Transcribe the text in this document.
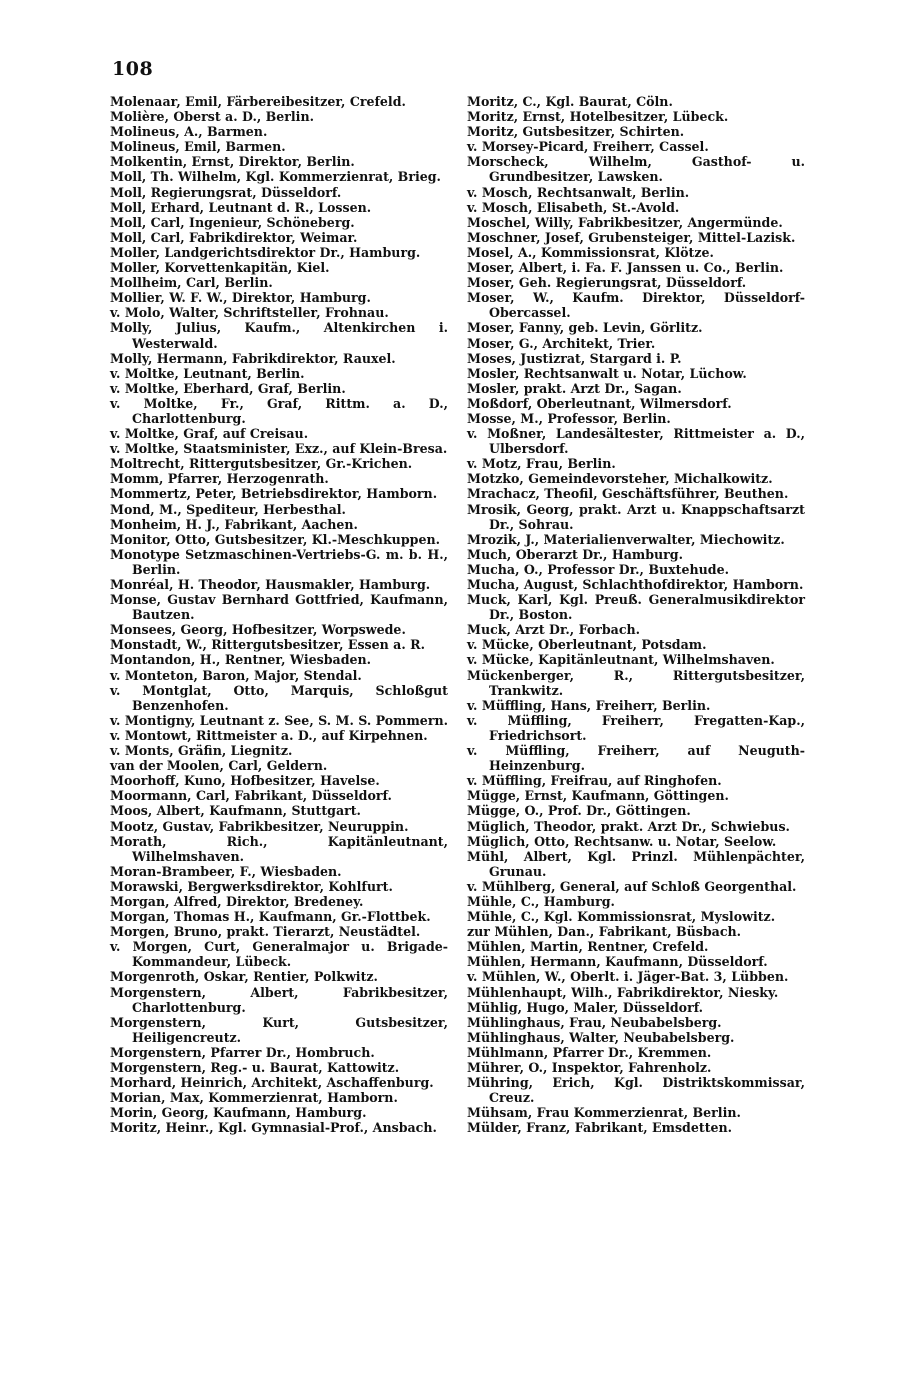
108
Molenaar, Emil, Färbereibesitzer, Crefeld.
Molière, Oberst a. D., Berlin.
Molineus, A., Barmen.
Molineus, Emil, Barmen.
Molkentin, Ernst, Direktor, Berlin.
Moll, Th. Wilhelm, Kgl. Kommerzienrat, Brieg.
Moll, Regierungsrat, Düsseldorf.
Moll, Erhard, Leutnant d. R., Lossen.
Moll, Carl, Ingenieur, Schöneberg.
Moll, Carl, Fabrikdirektor, Weimar.
Moller, Landgerichtsdirektor Dr., Hamburg.
Moller, Korvettenkapitän, Kiel.
Mollheim, Carl, Berlin.
Mollier, W. F. W., Direktor, Hamburg.
v. Molo, Walter, Schriftsteller, Frohnau.
Molly, Julius, Kaufm., Altenkirchen i. Westerwald.
Molly, Hermann, Fabrikdirektor, Rauxel.
v. Moltke, Leutnant, Berlin.
v. Moltke, Eberhard, Graf, Berlin.
v. Moltke, Fr., Graf, Rittm. a. D., Charlottenburg.
v. Moltke, Graf, auf Creisau.
v. Moltke, Staatsminister, Exz., auf Klein-Bresa.
Moltrecht, Rittergutsbesitzer, Gr.-Krichen.
Momm, Pfarrer, Herzogenrath.
Mommertz, Peter, Betriebsdirektor, Hamborn.
Mond, M., Spediteur, Herbesthal.
Monheim, H. J., Fabrikant, Aachen.
Monitor, Otto, Gutsbesitzer, Kl.-Meschkuppen.
Monotype Setzmaschinen-Vertriebs-G. m. b. H., Berlin.
Monréal, H. Theodor, Hausmakler, Hamburg.
Monse, Gustav Bernhard Gottfried, Kaufmann, Bautzen.
Monsees, Georg, Hofbesitzer, Worpswede.
Monstadt, W., Rittergutsbesitzer, Essen a. R.
Montandon, H., Rentner, Wiesbaden.
v. Monteton, Baron, Major, Stendal.
v. Montglat, Otto, Marquis, Schloßgut Benzenhofen.
v. Montigny, Leutnant z. See, S. M. S. Pommern.
v. Montowt, Rittmeister a. D., auf Kirpehnen.
v. Monts, Gräfin, Liegnitz.
van der Moolen, Carl, Geldern.
Moorhoff, Kuno, Hofbesitzer, Havelse.
Moormann, Carl, Fabrikant, Düsseldorf.
Moos, Albert, Kaufmann, Stuttgart.
Mootz, Gustav, Fabrikbesitzer, Neuruppin.
Morath, Rich., Kapitänleutnant, Wilhelmshaven.
Moran-Brambeer, F., Wiesbaden.
Morawski, Bergwerksdirektor, Kohlfurt.
Morgan, Alfred, Direktor, Bredeney.
Morgan, Thomas H., Kaufmann, Gr.-Flottbek.
Morgen, Bruno, prakt. Tierarzt, Neustädtel.
v. Morgen, Curt, Generalmajor u. Brigade-Kommandeur, Lübeck.
Morgenroth, Oskar, Rentier, Polkwitz.
Morgenstern, Albert, Fabrikbesitzer, Charlottenburg.
Morgenstern, Kurt, Gutsbesitzer, Heiligencreutz.
Morgenstern, Pfarrer Dr., Hombruch.
Morgenstern, Reg.- u. Baurat, Kattowitz.
Morhard, Heinrich, Architekt, Aschaffenburg.
Morian, Max, Kommerzienrat, Hamborn.
Morin, Georg, Kaufmann, Hamburg.
Moritz, Heinr., Kgl. Gymnasial-Prof., Ansbach.
Moritz, C., Kgl. Baurat, Cöln.
Moritz, Ernst, Hotelbesitzer, Lübeck.
Moritz, Gutsbesitzer, Schirten.
v. Morsey-Picard, Freiherr, Cassel.
Morscheck, Wilhelm, Gasthof- u. Grundbesitzer, Lawsken.
v. Mosch, Rechtsanwalt, Berlin.
v. Mosch, Elisabeth, St.-Avold.
Moschel, Willy, Fabrikbesitzer, Angermünde.
Moschner, Josef, Grubensteiger, Mittel-Lazisk.
Mosel, A., Kommissionsrat, Klötze.
Moser, Albert, i. Fa. F. Janssen u. Co., Berlin.
Moser, Geh. Regierungsrat, Düsseldorf.
Moser, W., Kaufm. Direktor, Düsseldorf-Obercassel.
Moser, Fanny, geb. Levin, Görlitz.
Moser, G., Architekt, Trier.
Moses, Justizrat, Stargard i. P.
Mosler, Rechtsanwalt u. Notar, Lüchow.
Mosler, prakt. Arzt Dr., Sagan.
Moßdorf, Oberleutnant, Wilmersdorf.
Mosse, M., Professor, Berlin.
v. Moßner, Landesältester, Rittmeister a. D., Ulbersdorf.
v. Motz, Frau, Berlin.
Motzko, Gemeindevorsteher, Michalkowitz.
Mrachacz, Theofil, Geschäftsführer, Beuthen.
Mrosik, Georg, prakt. Arzt u. Knappschaftsarzt Dr., Sohrau.
Mrozik, J., Materialienverwalter, Miechowitz.
Much, Oberarzt Dr., Hamburg.
Mucha, O., Professor Dr., Buxtehude.
Mucha, August, Schlachthofdirektor, Hamborn.
Muck, Karl, Kgl. Preuß. Generalmusikdirektor Dr., Boston.
Muck, Arzt Dr., Forbach.
v. Mücke, Oberleutnant, Potsdam.
v. Mücke, Kapitänleutnant, Wilhelmshaven.
Mückenberger, R., Rittergutsbesitzer, Trankwitz.
v. Müffling, Hans, Freiherr, Berlin.
v. Müffling, Freiherr, Fregatten-Kap., Friedrichsort.
v. Müffling, Freiherr, auf Neuguth-Heinzenburg.
v. Müffling, Freifrau, auf Ringhofen.
Mügge, Ernst, Kaufmann, Göttingen.
Mügge, O., Prof. Dr., Göttingen.
Müglich, Theodor, prakt. Arzt Dr., Schwiebus.
Müglich, Otto, Rechtsanw. u. Notar, Seelow.
Mühl, Albert, Kgl. Prinzl. Mühlenpächter, Grunau.
v. Mühlberg, General, auf Schloß Georgenthal.
Mühle, C., Hamburg.
Mühle, C., Kgl. Kommissionsrat, Myslowitz.
zur Mühlen, Dan., Fabrikant, Büsbach.
Mühlen, Martin, Rentner, Crefeld.
Mühlen, Hermann, Kaufmann, Düsseldorf.
v. Mühlen, W., Oberlt. i. Jäger-Bat. 3, Lübben.
Mühlenhaupt, Wilh., Fabrikdirektor, Niesky.
Mühlig, Hugo, Maler, Düsseldorf.
Mühlinghaus, Frau, Neubabelsberg.
Mühlinghaus, Walter, Neubabelsberg.
Mühlmann, Pfarrer Dr., Kremmen.
Mührer, O., Inspektor, Fahrenholz.
Mühring, Erich, Kgl. Distriktskommissar, Creuz.
Mühsam, Frau Kommerzienrat, Berlin.
Mülder, Franz, Fabrikant, Emsdetten.
